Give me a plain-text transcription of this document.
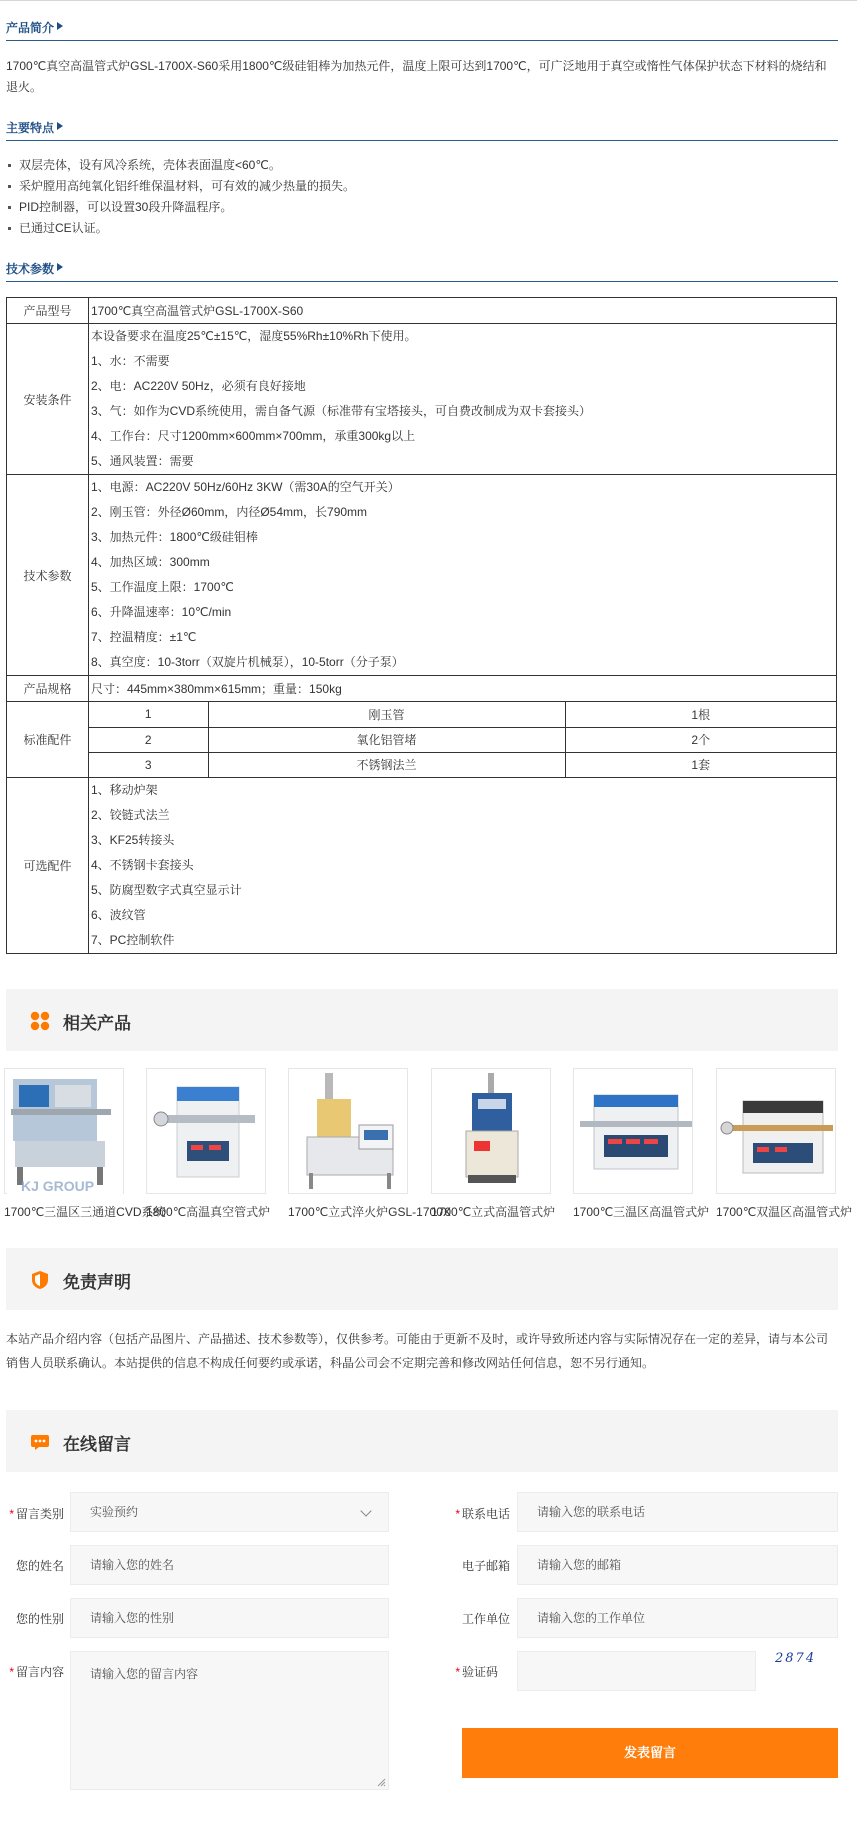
产品简介
1700℃真空高温管式炉GSL-1700X-S60采用1800℃级硅钼棒为加热元件，温度上限可达到1700℃，可广泛地用于真空或惰性气体保护状态下材料的烧结和退火。
主要特点
双层壳体，设有风冷系统，壳体表面温度<60℃。
采炉膛用高纯氧化铝纤维保温材料，可有效的减少热量的损失。
PID控制器，可以设置30段升降温程序。
已通过CE认证。
技术参数
产品型号	1700℃真空高温管式炉GSL-1700X-S60
安装条件	
本设备要求在温度25℃±15℃，湿度55%Rh±10%Rh下使用。
1、水：不需要
2、电：AC220V 50Hz，必须有良好接地
3、气：如作为CVD系统使用，需自备气源（标准带有宝塔接头，可自费改制成为双卡套接头）
4、工作台：尺寸1200mm×600mm×700mm，承重300kg以上
5、通风装置：需要

技术参数	
1、电源：AC220V 50Hz/60Hz 3KW（需30A的空气开关）
2、刚玉管：外径Ø60mm，内径Ø54mm，长790mm
3、加热元件：1800℃级硅钼棒
4、加热区域：300mm
5、工作温度上限：1700℃
6、升降温速率：10℃/min
7、控温精度：±1℃
8、真空度：10-3torr（双旋片机械泵），10-5torr（分子泵）

产品规格	尺寸：445mm×380mm×615mm；重量：150kg
标准配件	
1	刚玉管	1根
2	氧化铝管堵	2个
3	不锈钢法兰	1套

可选配件	
1、移动炉架
2、铰链式法兰
3、KF25转接头
4、不锈钢卡套接头
5、防腐型数字式真空显示计
6、波纹管
7、PC控制软件
相关产品
KJ GROUP
1700℃三温区三通道CVD系统
1800℃高温真空管式炉 1700℃立式淬火炉GSL-1700X
1700℃立式高温管式炉 1700℃三温区高温管式炉 1700℃双温区高温管式炉
免责声明
本站产品介绍内容（包括产品图片、产品描述、技术参数等），仅供参考。可能由于更新不及时，或许导致所述内容与实际情况存在一定的差异，请与本公司销售人员联系确认。本站提供的信息不构成任何要约或承诺，科晶公司会不定期完善和修改网站任何信息，恕不另行通知。
在线留言
* 留言类别	实验预约
您的姓名	请输入您的姓名
您的性别	请输入您的性别
* 留言内容	请输入您的留言内容
* 联系电话	请输入您的联系电话
电子邮箱	请输入您的邮箱
工作单位	请输入您的工作单位
* 验证码
2874
发表留言
